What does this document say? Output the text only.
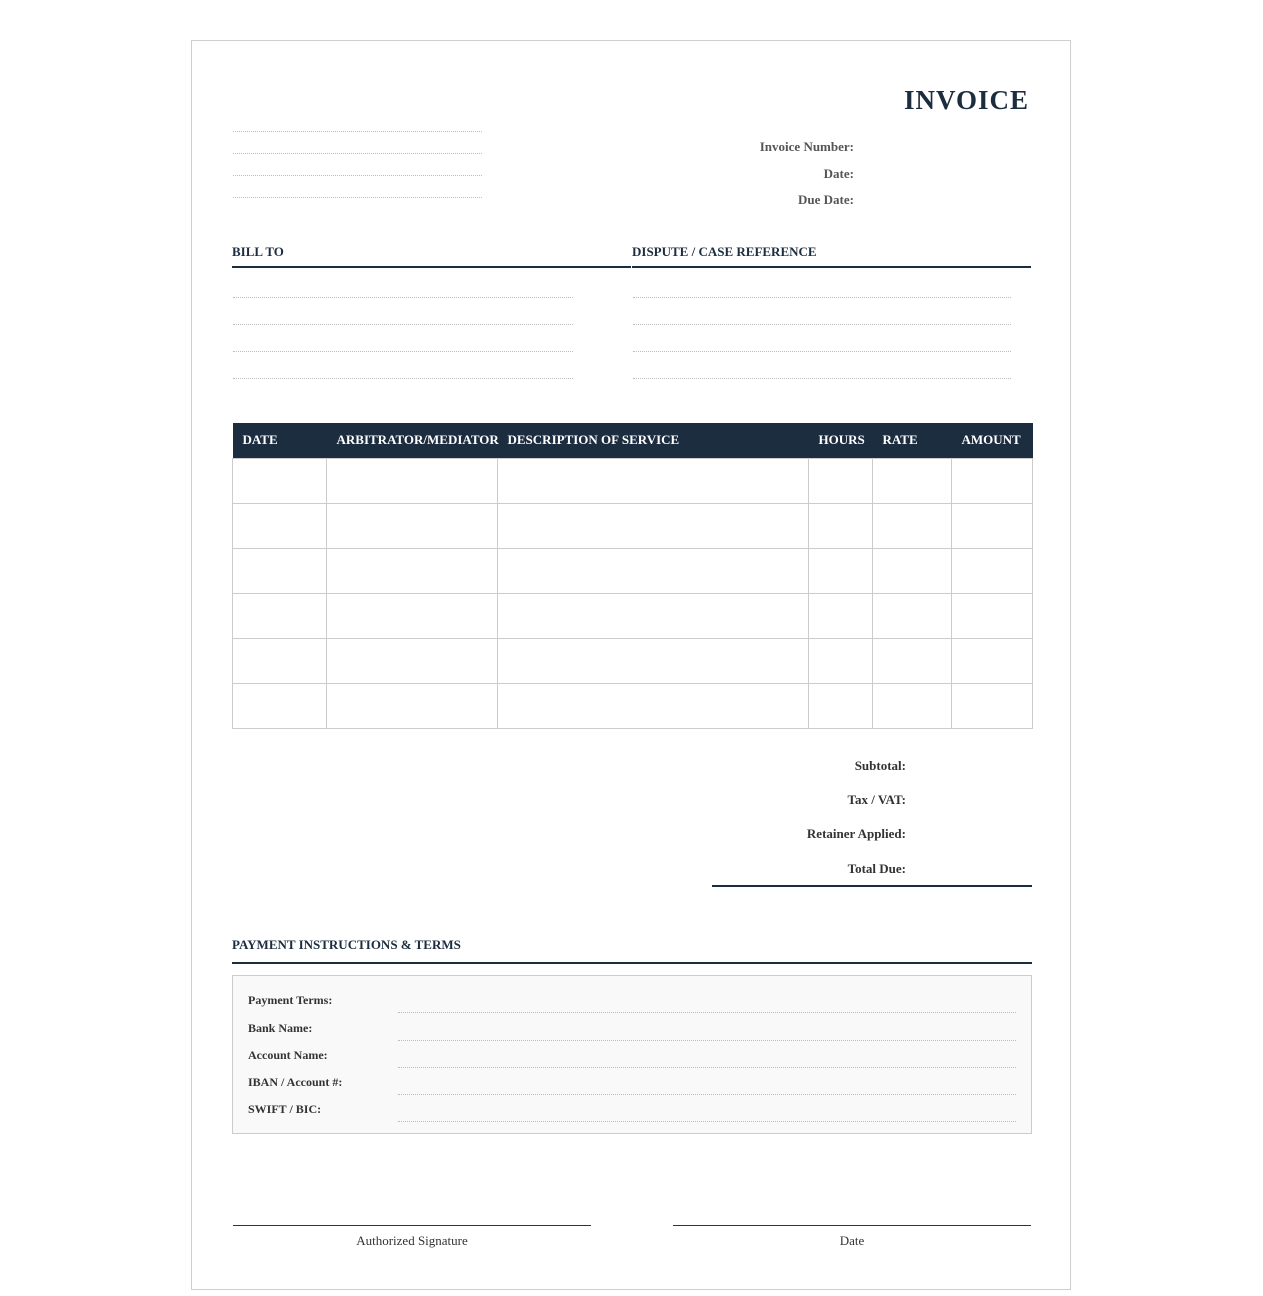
INVOICE
Invoice Number:
Date:
Due Date:
BILL TO	DISPUTE / CASE REFERENCE
DATE	ARBITRATOR/MEDIATOR	DESCRIPTION OF SERVICE	HOURS	RATE	AMOUNT

Subtotal:
Tax / VAT:
Retainer Applied:
Total Due:
PAYMENT INSTRUCTIONS & TERMS
Payment Terms:
Bank Name:
Account Name:
IBAN / Account #:
SWIFT / BIC:
Authorized Signature	Date
